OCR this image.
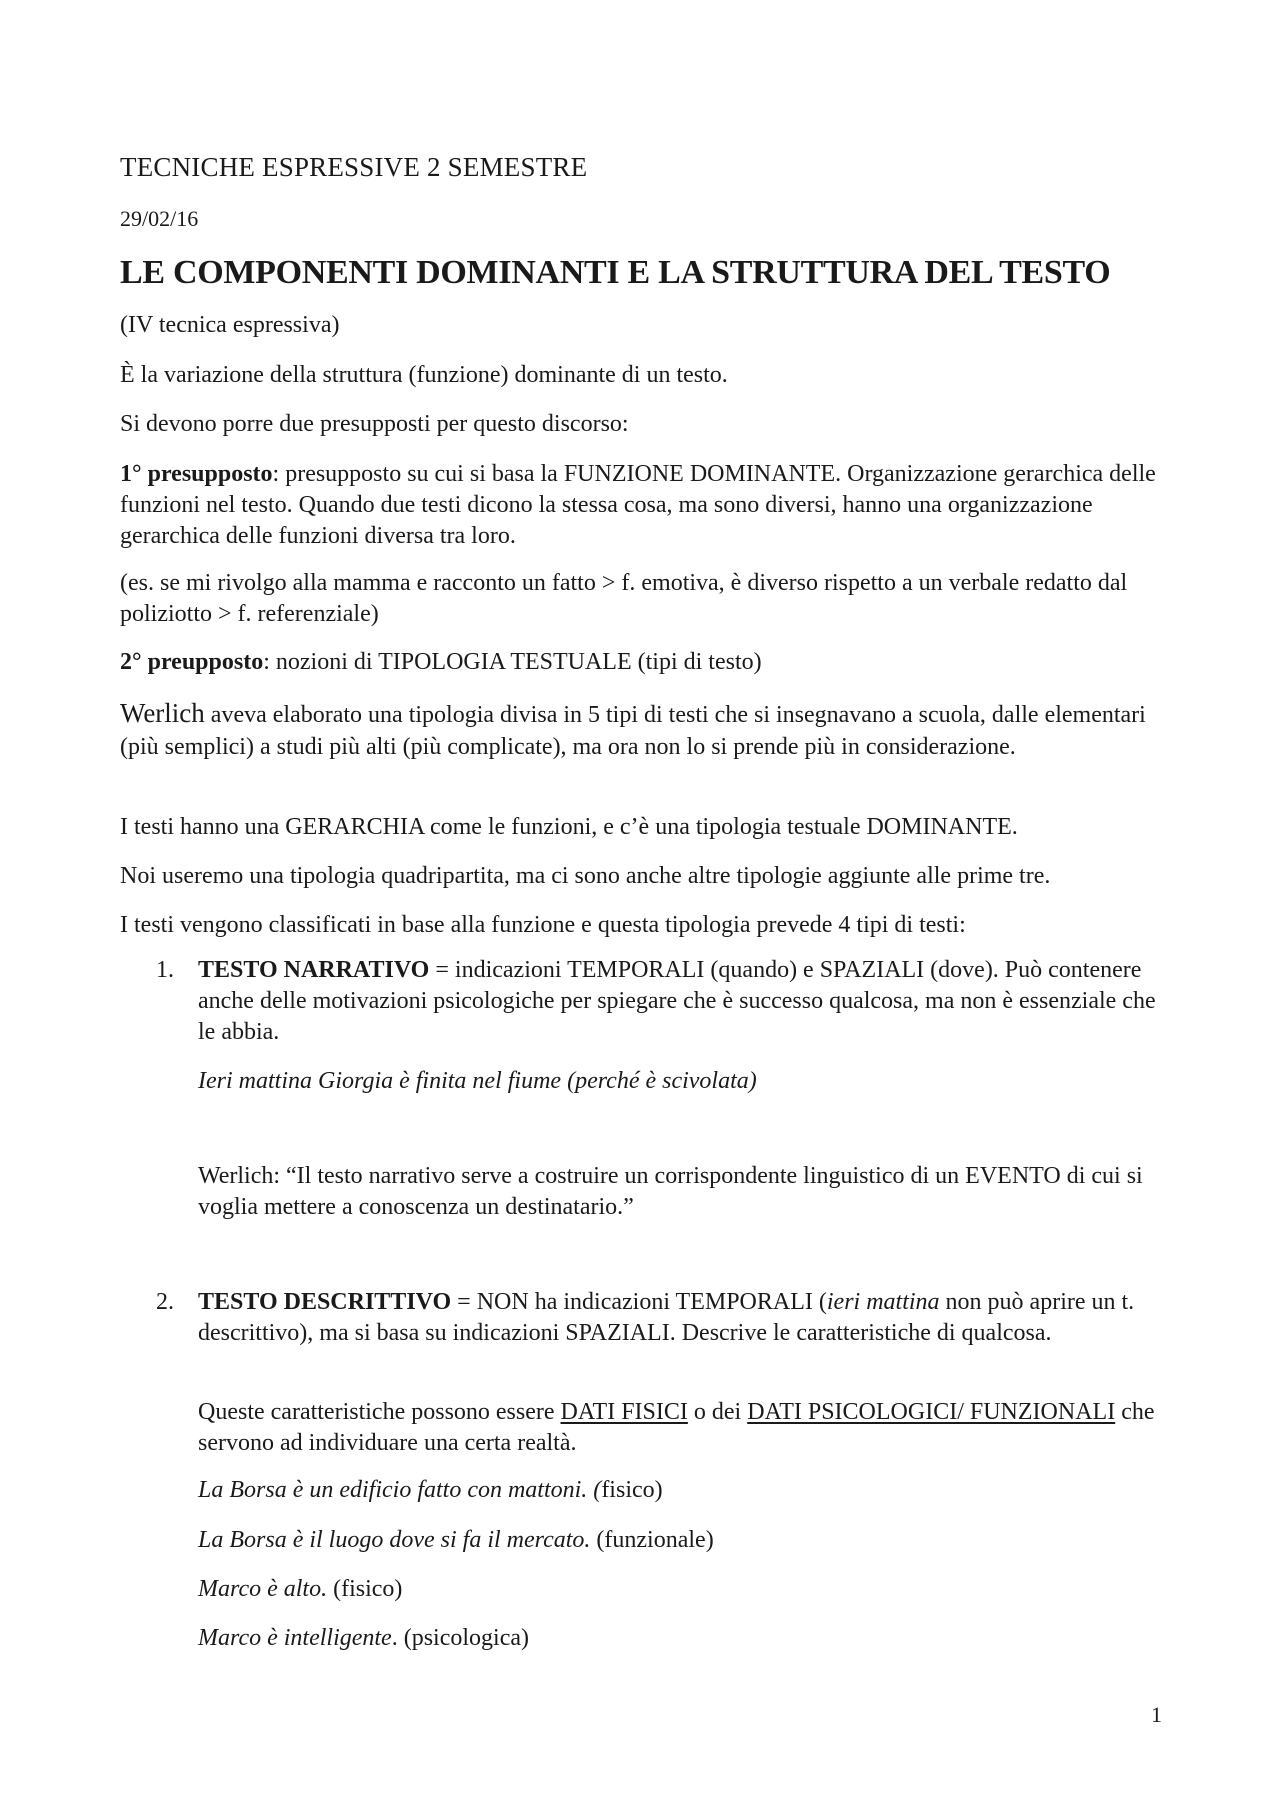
TECNICHE ESPRESSIVE 2 SEMESTRE

29/02/16

LE COMPONENTI DOMINANTI E LA STRUTTURA DEL TESTO

(IV tecnica espressiva)

È la variazione della struttura (funzione) dominante di un testo.

Si devono porre due presupposti per questo discorso:

1° presupposto: presupposto su cui si basa la FUNZIONE DOMINANTE. Organizzazione gerarchica delle funzioni nel testo. Quando due testi dicono la stessa cosa, ma sono diversi, hanno una organizzazione gerarchica delle funzioni diversa tra loro.

(es. se mi rivolgo alla mamma e racconto un fatto > f. emotiva, è diverso rispetto a un verbale redatto dal poliziotto > f. referenziale)

2° preupposto: nozioni di TIPOLOGIA TESTUALE (tipi di testo)

Werlich aveva elaborato una tipologia divisa in 5 tipi di testi che si insegnavano a scuola, dalle elementari (più semplici) a studi più alti (più complicate), ma ora non lo si prende più in considerazione.

I testi hanno una GERARCHIA come le funzioni, e c’è una tipologia testuale DOMINANTE.

Noi useremo una tipologia quadripartita, ma ci sono anche altre tipologie aggiunte alle prime tre.

I testi vengono classificati in base alla funzione e questa tipologia prevede 4 tipi di testi:

1.	TESTO NARRATIVO = indicazioni TEMPORALI (quando) e SPAZIALI (dove). Può contenere anche delle motivazioni psicologiche per spiegare che è successo qualcosa, ma non è essenziale che le abbia.

Ieri mattina Giorgia è finita nel fiume (perché è scivolata)

Werlich: “Il testo narrativo serve a costruire un corrispondente linguistico di un EVENTO di cui si voglia mettere a conoscenza un destinatario.”

2.	TESTO DESCRITTIVO = NON ha indicazioni TEMPORALI (ieri mattina non può aprire un t. descrittivo), ma si basa su indicazioni SPAZIALI. Descrive le caratteristiche di qualcosa.

Queste caratteristiche possono essere DATI FISICI o dei DATI PSICOLOGICI/ FUNZIONALI che servono ad individuare una certa realtà.

La Borsa è un edificio fatto con mattoni. (fisico)

La Borsa è il luogo dove si fa il mercato. (funzionale)

Marco è alto. (fisico)

Marco è intelligente. (psicologica)

1
